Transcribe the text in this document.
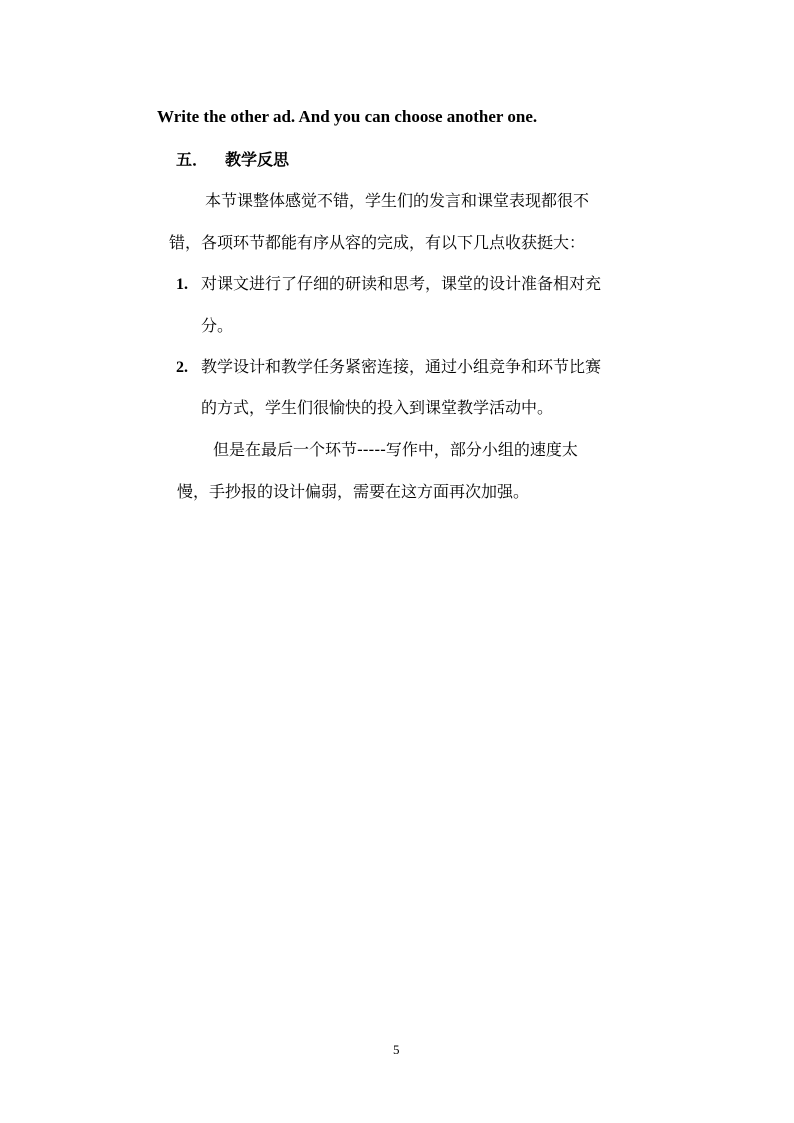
Write the other ad. And you can choose another one.
五． 教学反思
本节课整体感觉不错，学生们的发言和课堂表现都很不
错，各项环节都能有序从容的完成，有以下几点收获挺大：
1. 对课文进行了仔细的研读和思考，课堂的设计准备相对充
分。
2. 教学设计和教学任务紧密连接，通过小组竞争和环节比赛
的方式，学生们很愉快的投入到课堂教学活动中。
但是在最后一个环节-----写作中，部分小组的速度太
慢，手抄报的设计偏弱，需要在这方面再次加强。
5
